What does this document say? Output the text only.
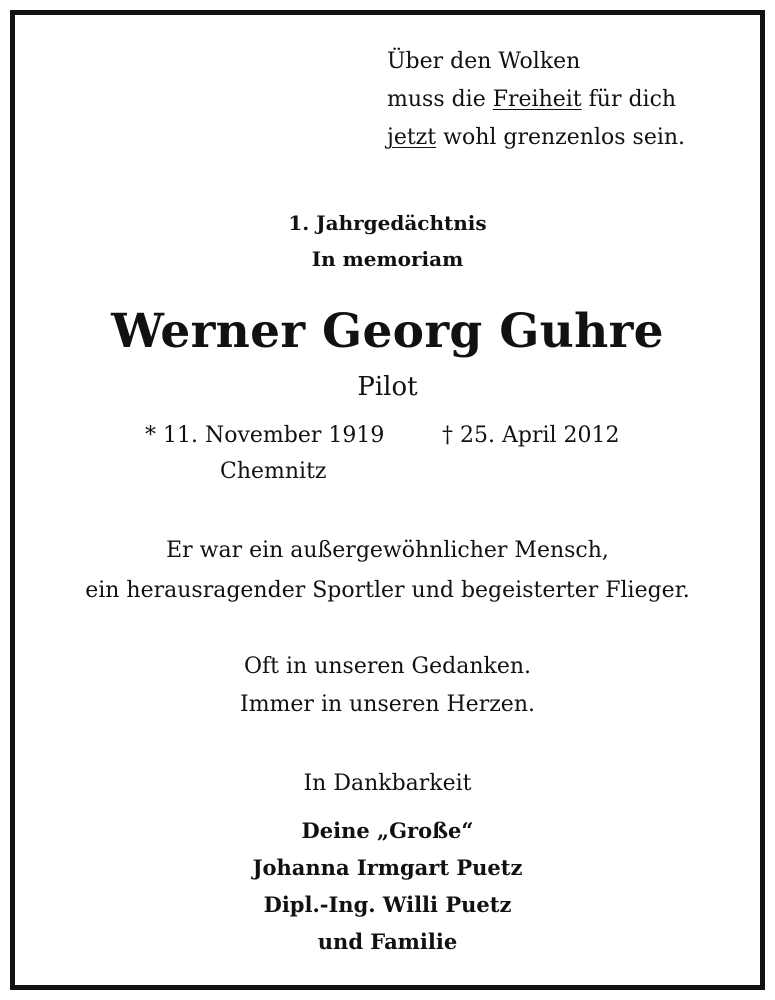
Über den Wolken
muss die Freiheit für dich
jetzt wohl grenzenlos sein.
1. Jahrgedächtnis
In memoriam
Werner Georg Guhre
Pilot
* 11. November 1919	† 25. April 2012
Chemnitz
Er war ein außergewöhnlicher Mensch,
ein herausragender Sportler und begeisterter Flieger.
Oft in unseren Gedanken.
Immer in unseren Herzen.
In Dankbarkeit
Deine „Große“
Johanna Irmgart Puetz
Dipl.-Ing. Willi Puetz
und Familie
